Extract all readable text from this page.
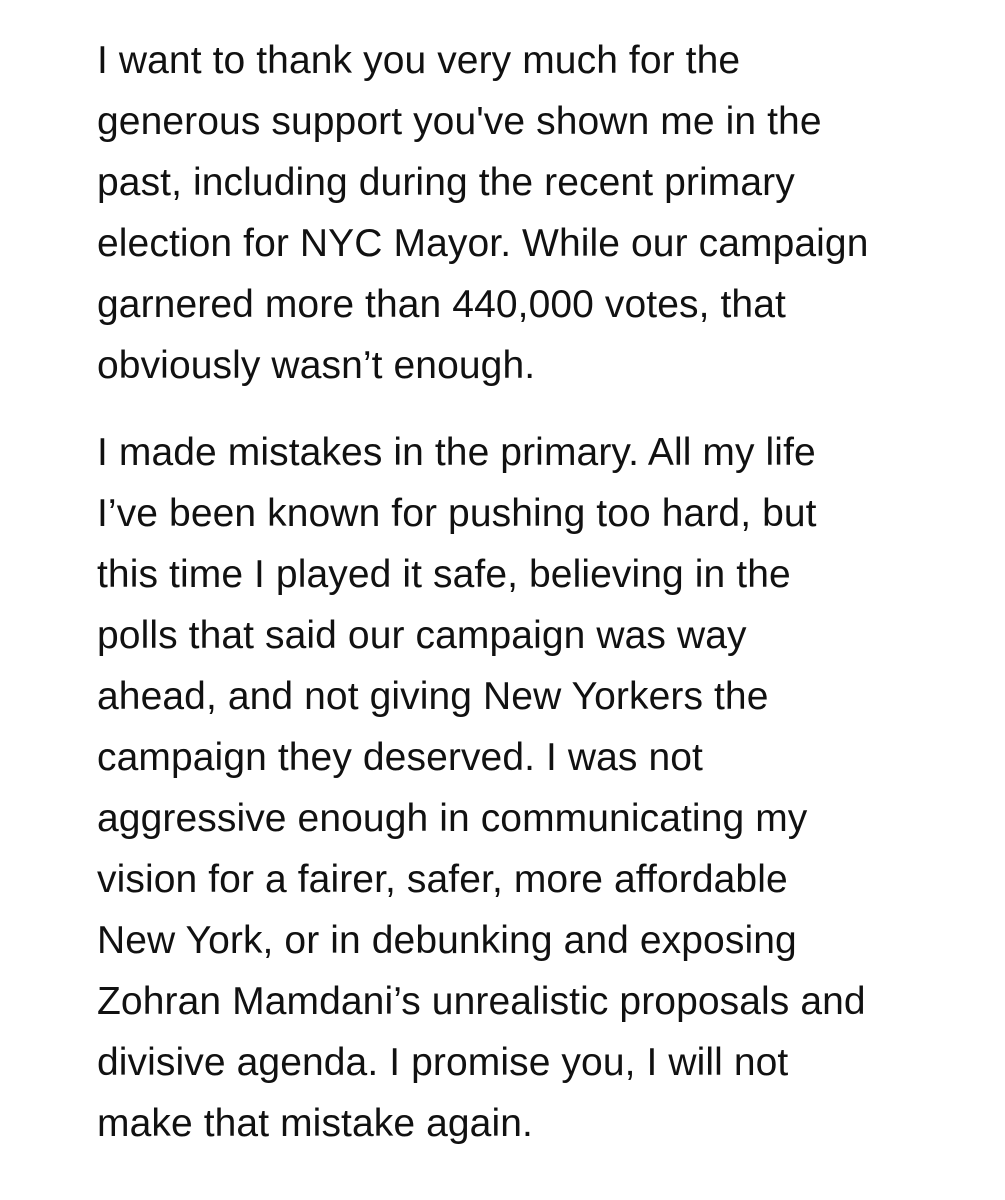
I want to thank you very much for the
generous support you've shown me in the
past, including during the recent primary
election for NYC Mayor. While our campaign
garnered more than 440,000 votes, that
obviously wasn’t enough.

I made mistakes in the primary. All my life
I’ve been known for pushing too hard, but
this time I played it safe, believing in the
polls that said our campaign was way
ahead, and not giving New Yorkers the
campaign they deserved. I was not
aggressive enough in communicating my
vision for a fairer, safer, more affordable
New York, or in debunking and exposing
Zohran Mamdani’s unrealistic proposals and
divisive agenda. I promise you, I will not
make that mistake again.
